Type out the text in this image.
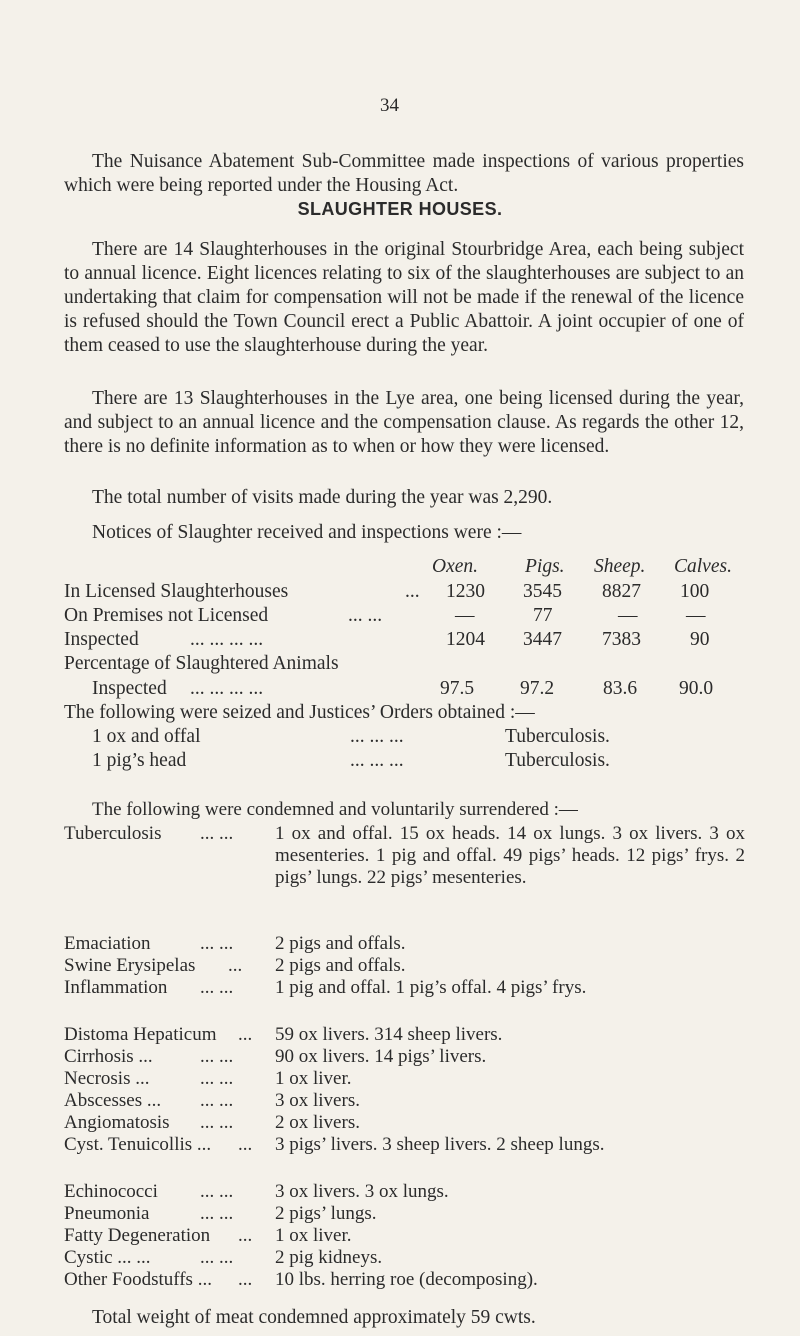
34
The Nuisance Abatement Sub-Committee made inspections of various properties which were being reported under the Housing Act.
SLAUGHTER HOUSES.
There are 14 Slaughterhouses in the original Stourbridge Area, each being subject to annual licence. Eight licences relating to six of the slaughterhouses are subject to an undertaking that claim for compensation will not be made if the renewal of the licence is refused should the Town Council erect a Public Abattoir. A joint occupier of one of them ceased to use the slaughterhouse during the year.
There are 13 Slaughterhouses in the Lye area, one being licensed during the year, and subject to an annual licence and the compensation clause. As regards the other 12, there is no definite information as to when or how they were licensed.
The total number of visits made during the year was 2,290.
Notices of Slaughter received and inspections were :—
Oxen. Pigs. Sheep. Calves.
In Licensed Slaughterhouses	... 1230 3545 8827 100
On Premises not Licensed	... ...	—	77	— —
Inspected	... ... ... ...	1204 3447 7383	90
Percentage of Slaughtered Animals
Inspected ... ... ... ...	97.5 97.2	83.6 90.0
The following were seized and Justices’ Orders obtained :—
1 ox and offal	... ... ...	Tuberculosis.
1 pig’s head	... ... ...	Tuberculosis.
The following were condemned and voluntarily surrendered :—
Tuberculosis ... ... 1 ox and offal. 15 ox heads. 14 ox lungs. 3 ox livers. 3 ox mesenteries. 1 pig and offal. 49 pigs’ heads. 12 pigs’ frys. 2 pigs’ lungs. 22 pigs’ mesenteries.
Emaciation	... ... 2 pigs and offals.
Swine Erysipelas ... 2 pigs and offals.
Inflammation ... ... 1 pig and offal. 1 pig’s offal. 4 pigs’ frys.
Distoma Hepaticum ... 59 ox livers. 314 sheep livers.
Cirrhosis ... ... ... 90 ox livers. 14 pigs’ livers.
Necrosis ...	... ... 1 ox liver.
Abscesses ... ... ... 3 ox livers.
Angiomatosis ... ... 2 ox livers.
Cyst. Tenuicollis ... ... 3 pigs’ livers. 3 sheep livers. 2 sheep lungs.
Echinococci ... ... 3 ox livers. 3 ox lungs.
Pneumonia	... ... 2 pigs’ lungs.
Fatty Degeneration ... 1 ox liver.
Cystic ... ...	... ... 2 pig kidneys.
Other Foodstuffs ... ... 10 lbs. herring roe (decomposing).
Total weight of meat condemned approximately 59 cwts.
